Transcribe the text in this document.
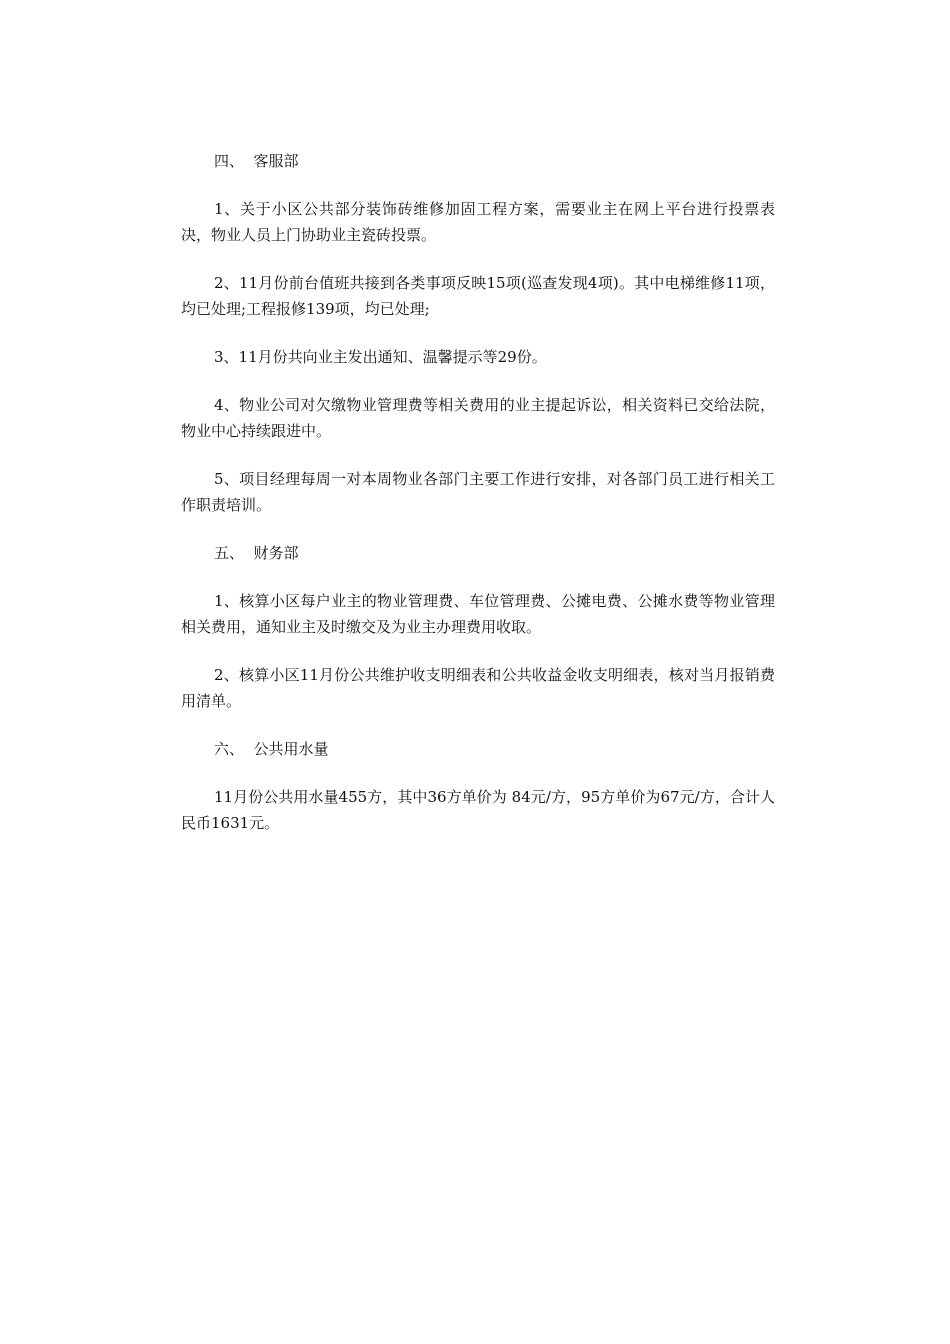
四、  客服部
1、关于小区公共部分装饰砖维修加固工程方案，需要业主在网上平台进行投票表决，物业人员上门协助业主瓷砖投票。
2、11月份前台值班共接到各类事项反映15项(巡查发现4项)。其中电梯维修11项，均已处理;工程报修139项，均已处理;
3、11月份共向业主发出通知、温馨提示等29份。
4、物业公司对欠缴物业管理费等相关费用的业主提起诉讼，相关资料已交给法院，物业中心持续跟进中。
5、项目经理每周一对本周物业各部门主要工作进行安排，对各部门员工进行相关工作职责培训。
五、  财务部
1、核算小区每户业主的物业管理费、车位管理费、公摊电费、公摊水费等物业管理相关费用，通知业主及时缴交及为业主办理费用收取。
2、核算小区11月份公共维护收支明细表和公共收益金收支明细表，核对当月报销费用清单。
六、  公共用水量
11月份公共用水量455方，其中36方单价为 84元/方，95方单价为67元/方，合计人民币1631元。
